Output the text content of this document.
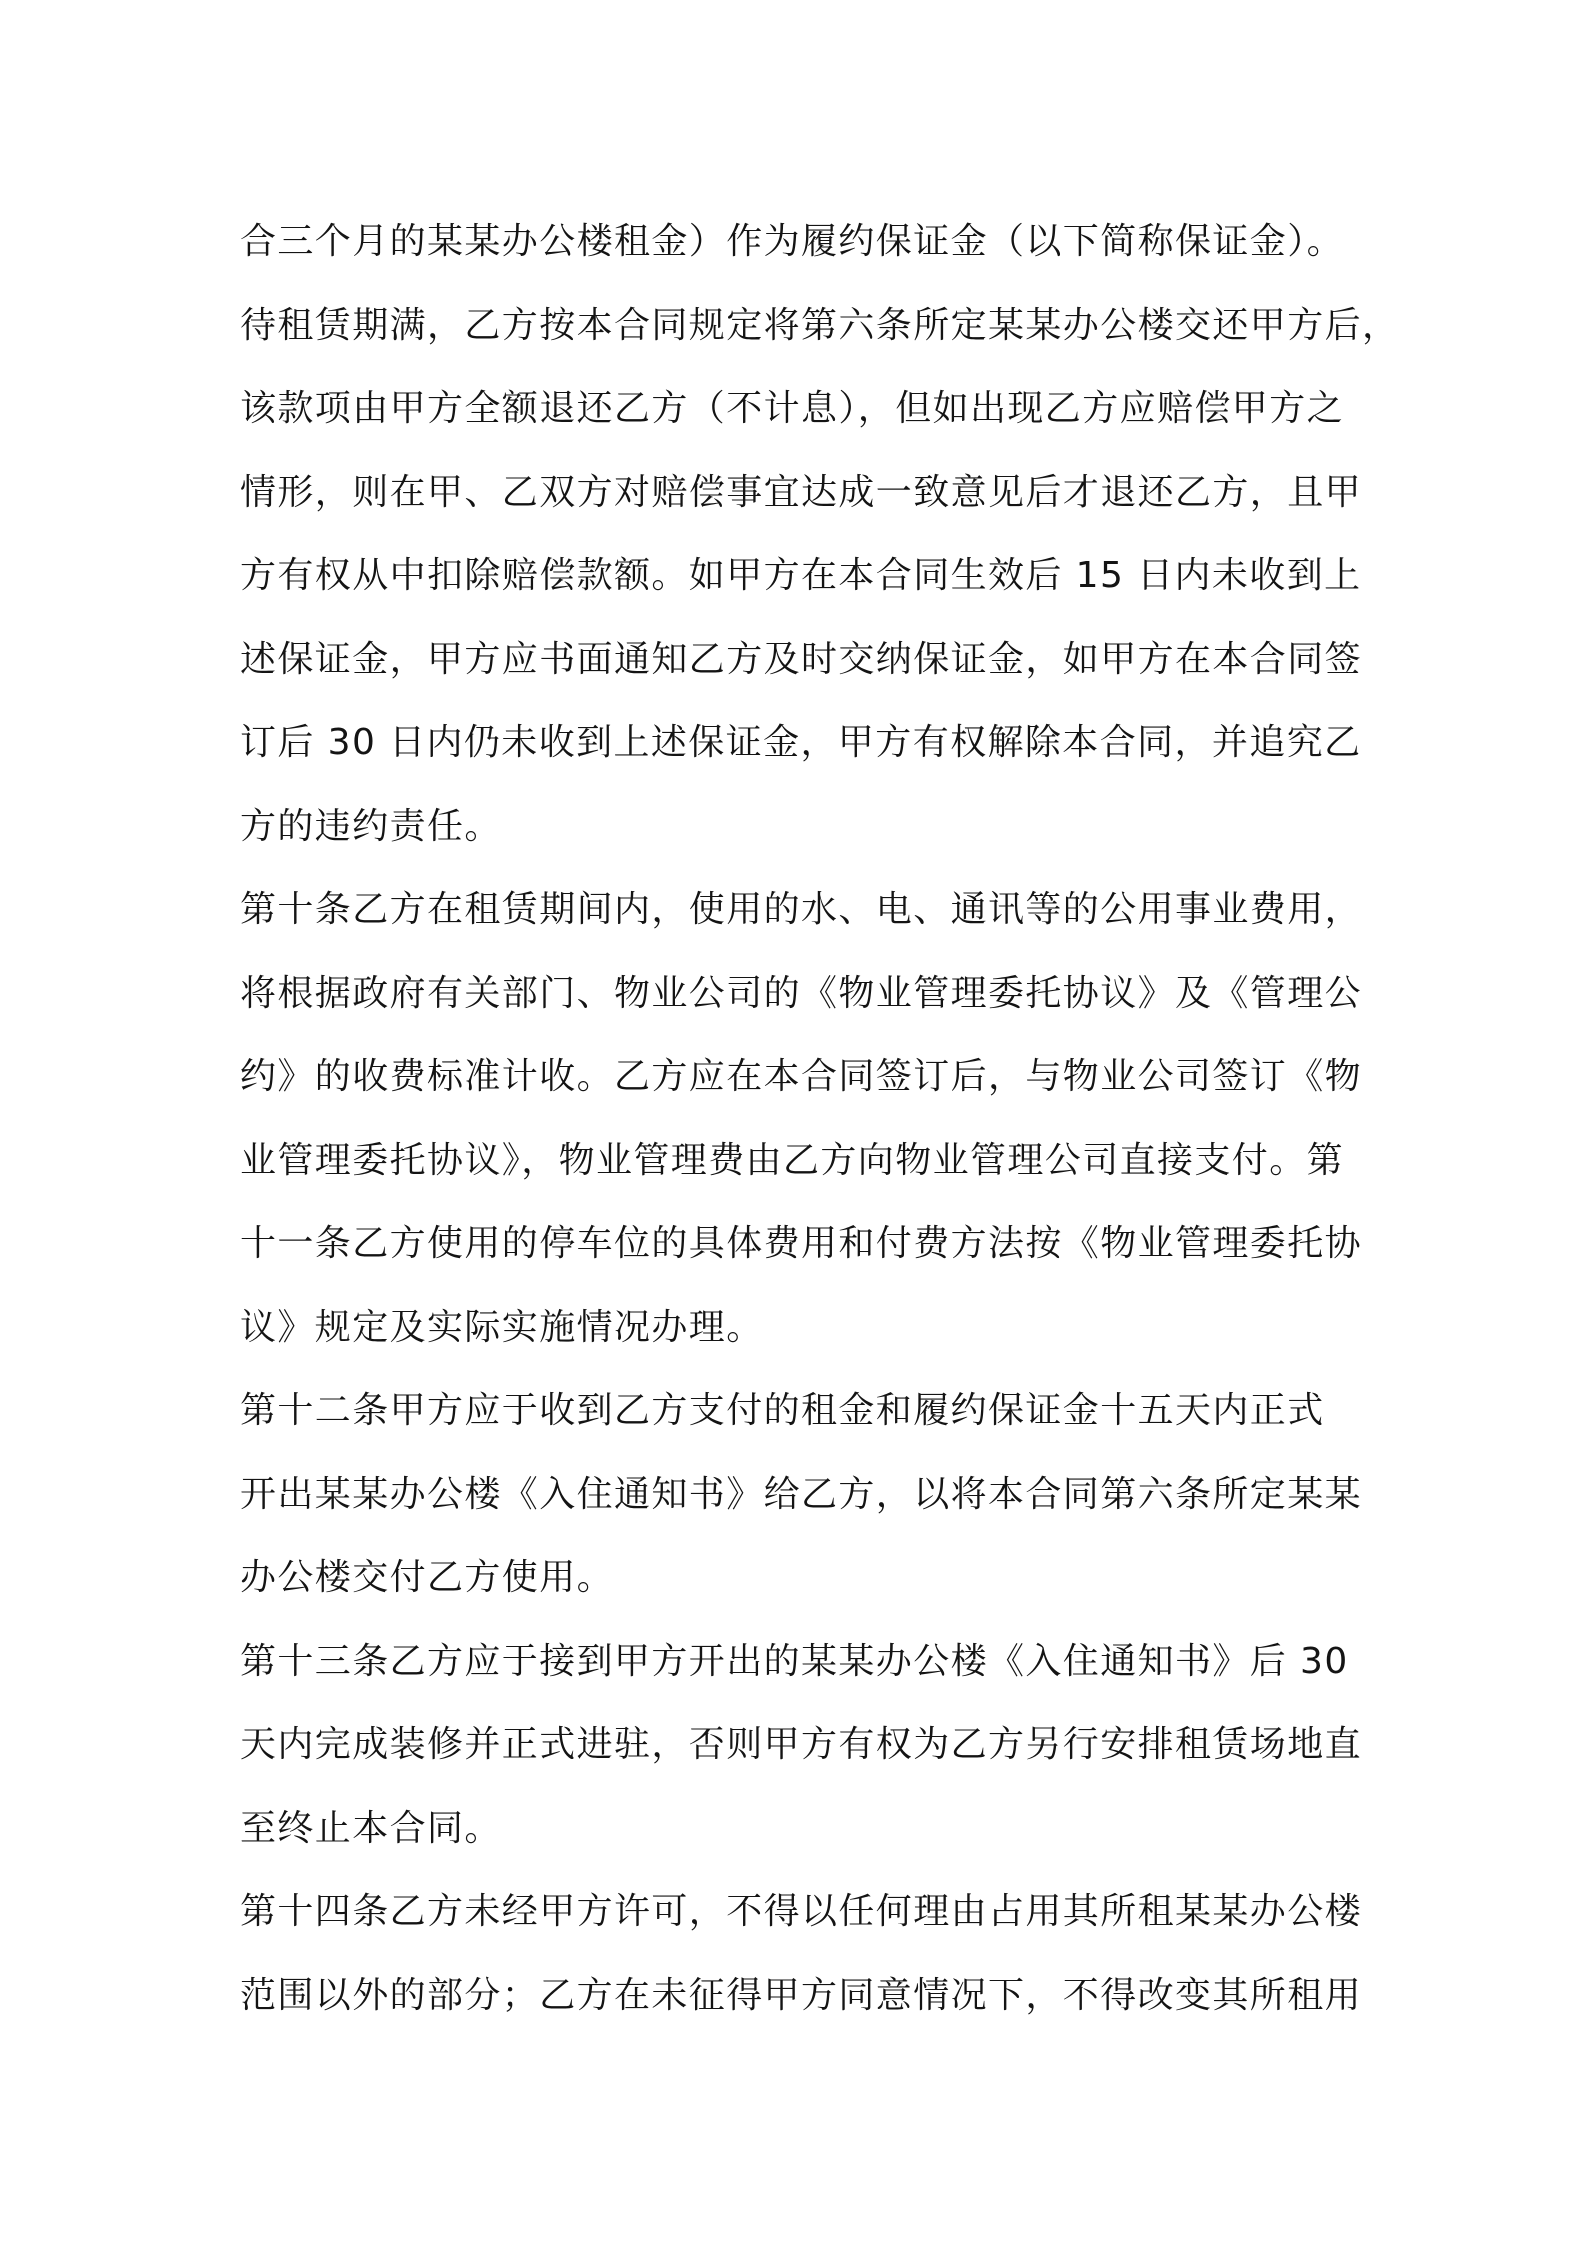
合三个月的某某办公楼租金）作为履约保证金（以下简称保证金）。
待租赁期满，乙方按本合同规定将第六条所定某某办公楼交还甲方后，
该款项由甲方全额退还乙方（不计息），但如出现乙方应赔偿甲方之
情形，则在甲、乙双方对赔偿事宜达成一致意见后才退还乙方，且甲
方有权从中扣除赔偿款额。如甲方在本合同生效后 15 日内未收到上
述保证金，甲方应书面通知乙方及时交纳保证金，如甲方在本合同签
订后 30 日内仍未收到上述保证金，甲方有权解除本合同，并追究乙
方的违约责任。
第十条乙方在租赁期间内，使用的水、电、通讯等的公用事业费用，
将根据政府有关部门、物业公司的《物业管理委托协议》及《管理公
约》的收费标准计收。乙方应在本合同签订后，与物业公司签订《物
业管理委托协议》，物业管理费由乙方向物业管理公司直接支付。第
十一条乙方使用的停车位的具体费用和付费方法按《物业管理委托协
议》规定及实际实施情况办理。
第十二条甲方应于收到乙方支付的租金和履约保证金十五天内正式
开出某某办公楼《入住通知书》给乙方，以将本合同第六条所定某某
办公楼交付乙方使用。
第十三条乙方应于接到甲方开出的某某办公楼《入住通知书》后 30
天内完成装修并正式进驻，否则甲方有权为乙方另行安排租赁场地直
至终止本合同。
第十四条乙方未经甲方许可，不得以任何理由占用其所租某某办公楼
范围以外的部分；乙方在未征得甲方同意情况下，不得改变其所租用
